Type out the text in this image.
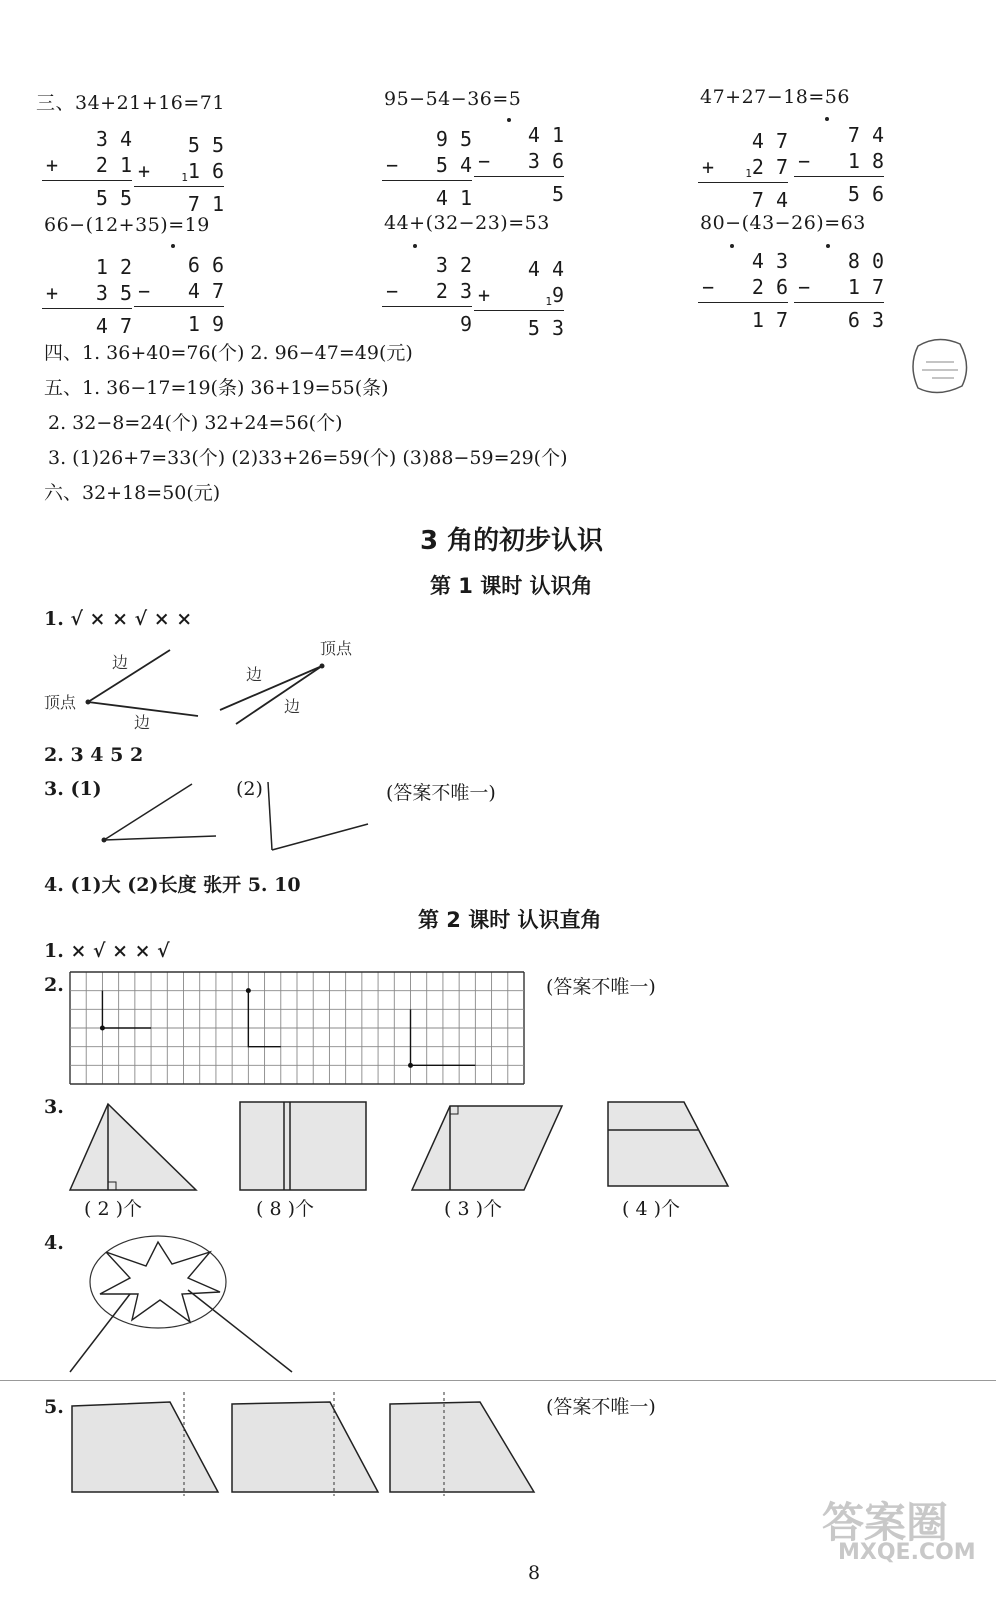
三、34+21+16=71	95−54−36=5	47+27−18=56
66−(12+35)=19	44+(32−23)=53	80−(43−26)=63
3 4
+ 2 1
5 5
5 5
+	11 6
7 1
9 5
− 5 4
4 1
4 1
− 3 6
5
4 7
+	12 7
7 4
7 4
− 1 8
5 6
1 2
+ 3 5
4 7
6 6
− 4 7
1 9
3 2
− 2 3
9
4 4
+	19
5 3
4 3
− 2 6
1 7
8 0
− 1 7
6 3
四、1. 36+40=76(个) 2. 96−47=49(元)
五、1. 36−17=19(条) 36+19=55(条)
2. 32−8=24(个) 32+24=56(个)
3. (1)26+7=33(个) (2)33+26=59(个) (3)88−59=29(个)
六、32+18=50(元)
3 角的初步认识
第 1 课时 认识角
1. √ × × √ × ×
边
边
顶点
顶点
边
边
2. 3 4 5 2
3. (1)	(2)	(答案不唯一)
4. (1)大 (2)长度 张开 5. 10
第 2 课时 认识直角
1. × √ × × √
2.	(答案不唯一)
3.
( 2 )个	( 8 )个	( 3 )个	( 4 )个
4.
5.	(答案不唯一)
答案圈
MXQE.COM
8
